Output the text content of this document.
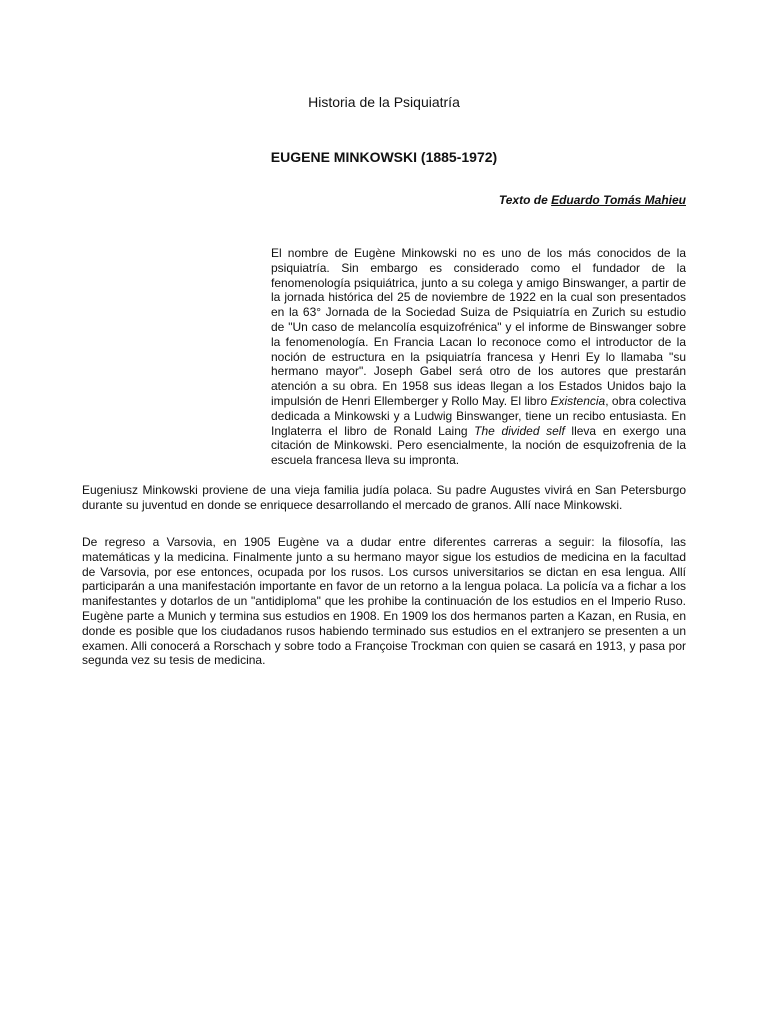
Historia de la Psiquiatría
EUGENE MINKOWSKI (1885-1972)
Texto de Eduardo Tomás Mahieu

El nombre de Eugène Minkowski no es uno de los más conocidos de la psiquiatría. Sin embargo es considerado como el fundador de la fenomenología psiquiátrica, junto a su colega y amigo Binswanger, a partir de la jornada histórica del 25 de noviembre de 1922 en la cual son presentados en la 63° Jornada de la Sociedad Suiza de Psiquiatría en Zurich su estudio de "Un caso de melancolía esquizofrénica" y el informe de Binswanger sobre la fenomenología. En Francia Lacan lo reconoce como el introductor de la noción de estructura en la psiquiatría francesa y Henri Ey lo llamaba "su hermano mayor". Joseph Gabel será otro de los autores que prestarán atención a su obra. En 1958 sus ideas llegan a los Estados Unidos bajo la impulsión de Henri Ellemberger y Rollo May. El libro Existencia, obra colectiva dedicada a Minkowski y a Ludwig Binswanger, tiene un recibo entusiasta. En Inglaterra el libro de Ronald Laing The divided self lleva en exergo una citación de Minkowski. Pero esencialmente, la noción de esquizofrenia de la escuela francesa lleva su impronta.

Eugeniusz Minkowski proviene de una vieja familia judía polaca. Su padre Augustes vivirá en San Petersburgo durante su juventud en donde se enriquece desarrollando el mercado de granos. Allí nace Minkowski.

De regreso a Varsovia, en 1905 Eugène va a dudar entre diferentes carreras a seguir: la filosofía, las matemáticas y la medicina. Finalmente junto a su hermano mayor sigue los estudios de medicina en la facultad de Varsovia, por ese entonces, ocupada por los rusos. Los cursos universitarios se dictan en esa lengua. Allí participarán a una manifestación importante en favor de un retorno a la lengua polaca. La policía va a fichar a los manifestantes y dotarlos de un "antidiploma" que les prohibe la continuación de los estudios en el Imperio Ruso. Eugène parte a Munich y termina sus estudios en 1908. En 1909 los dos hermanos parten a Kazan, en Rusia, en donde es posible que los ciudadanos rusos habiendo terminado sus estudios en el extranjero se presenten a un examen. Alli conocerá a Rorschach y sobre todo a Françoise Trockman con quien se casará en 1913, y pasa por segunda vez su tesis de medicina.
